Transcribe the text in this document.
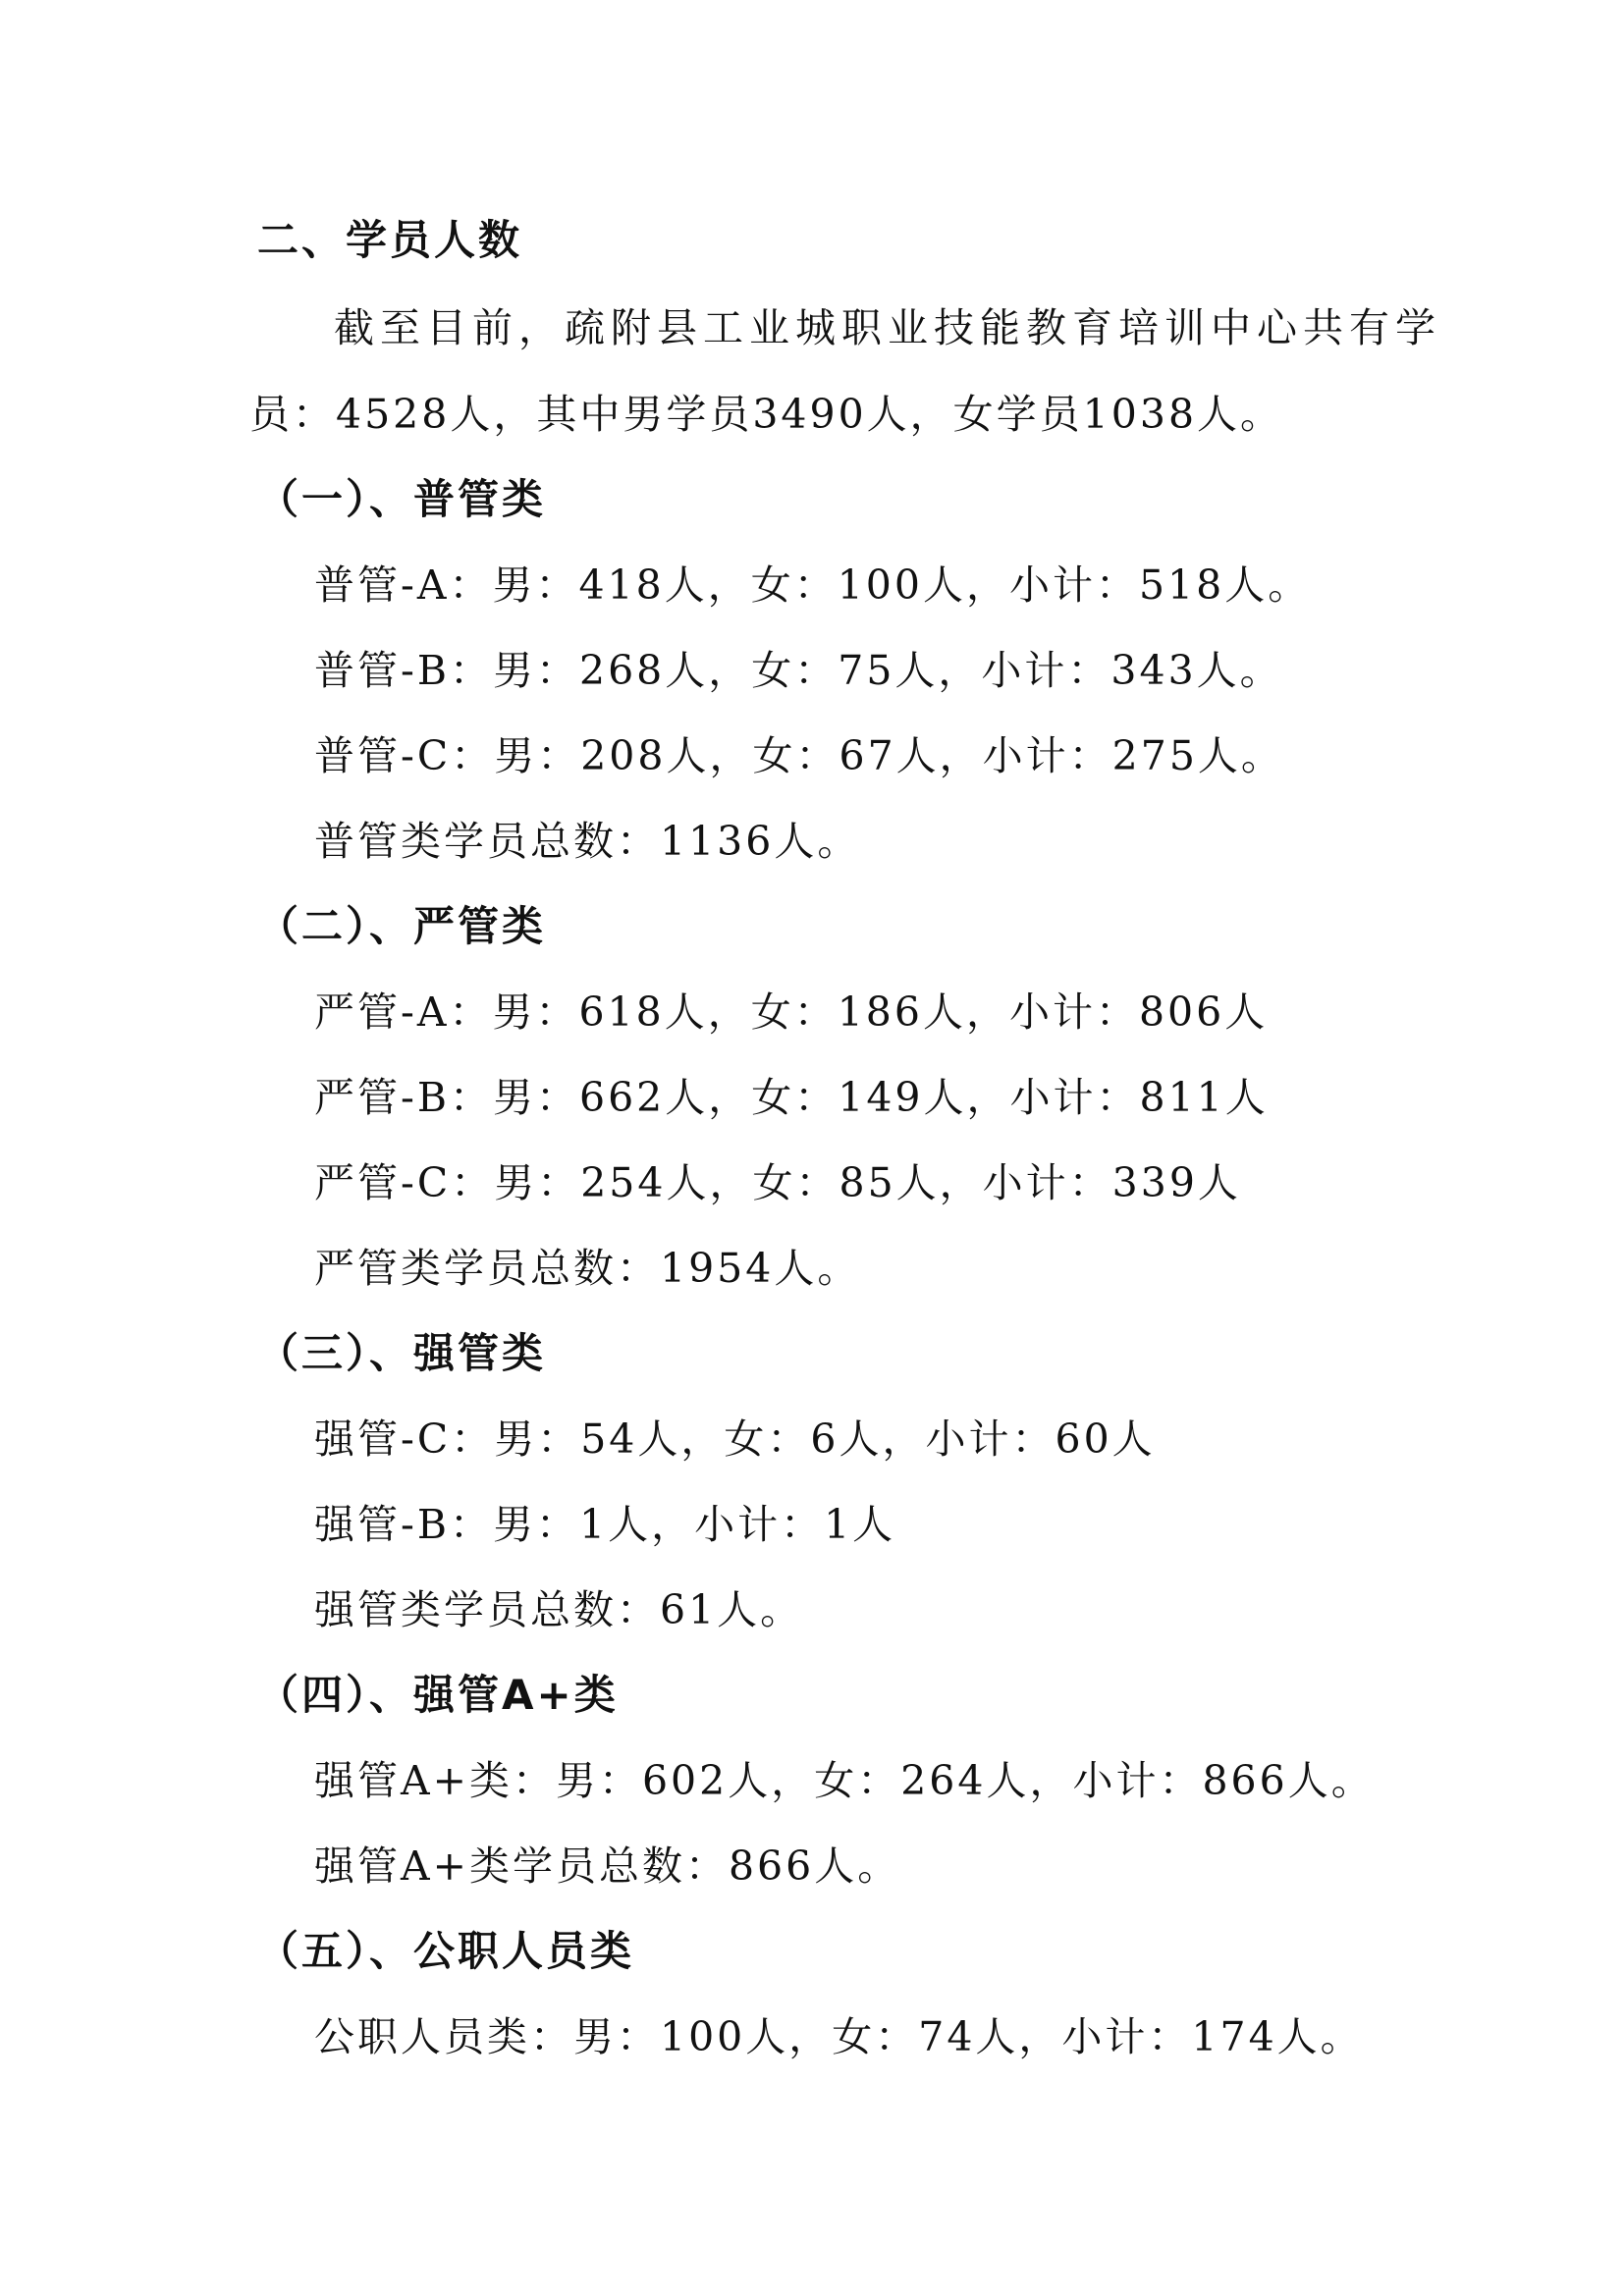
二、学员人数
截至目前，疏附县工业城职业技能教育培训中心共有学
员：4528人，其中男学员3490人，女学员1038人。
（一）、普管类
普管-A：男：418人，女：100人，小计：518人。
普管-B：男：268人，女：75人，小计：343人。
普管-C：男：208人，女：67人，小计：275人。
普管类学员总数：1136人。
（二）、严管类
严管-A：男：618人，女：186人，小计：806人
严管-B：男：662人，女：149人，小计：811人
严管-C：男：254人，女：85人，小计：339人
严管类学员总数：1954人。
（三）、强管类
强管-C：男：54人，女：6人，小计：60人
强管-B：男：1人，小计：1人
强管类学员总数：61人。
（四）、强管A+类
强管A+类：男：602人，女：264人，小计：866人。
强管A+类学员总数：866人。
（五）、公职人员类
公职人员类：男：100人，女：74人，小计：174人。
